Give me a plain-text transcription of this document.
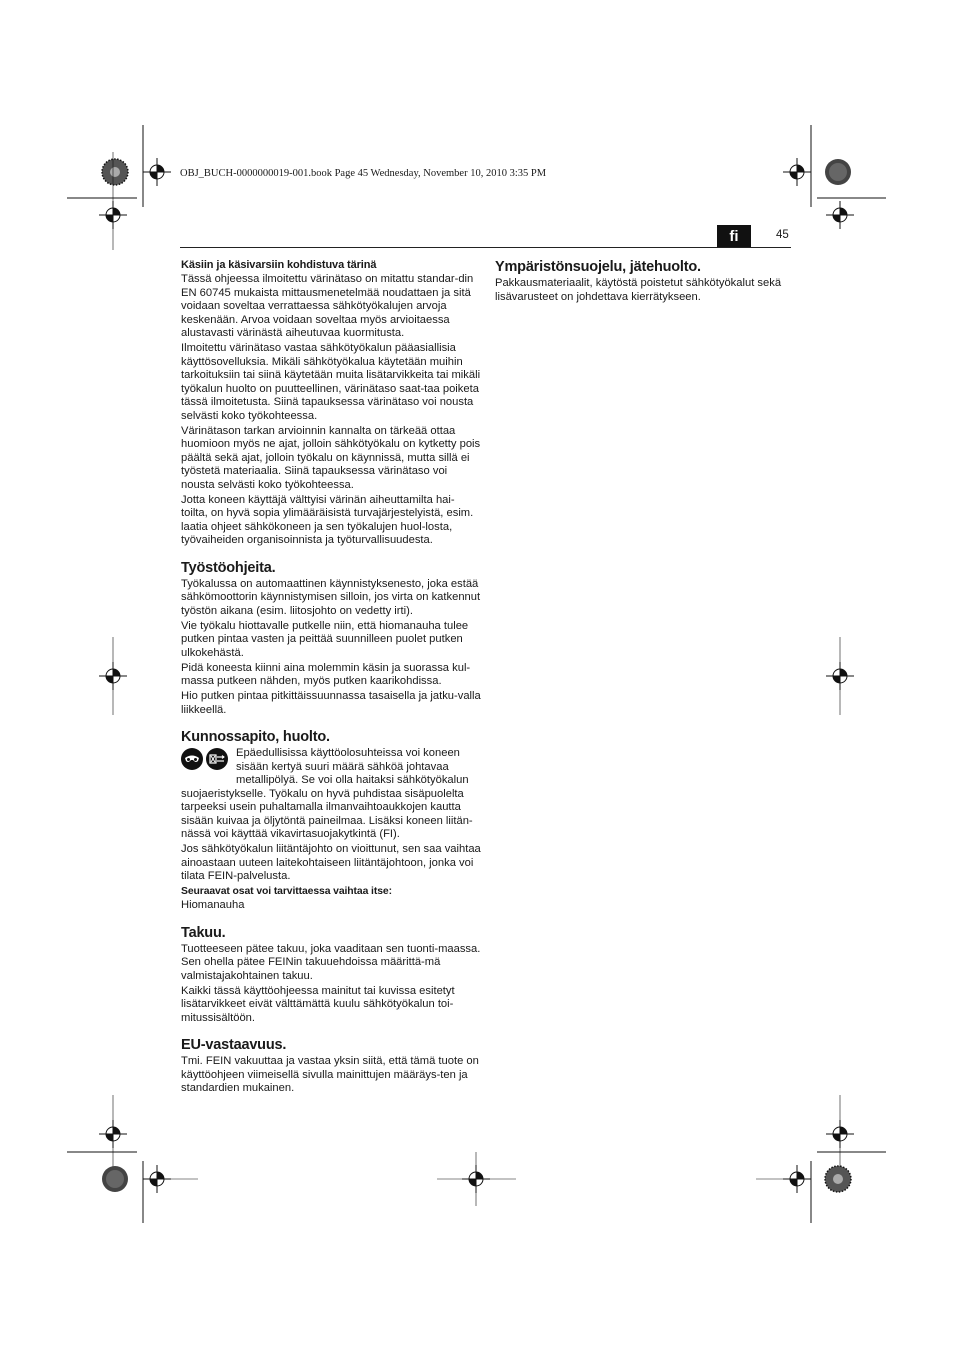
OBJ_BUCH-0000000019-001.book Page 45 Wednesday, November 10, 2010 3:35 PM
fi	45
Käsiin ja käsivarsiin kohdistuva tärinä

Tässä ohjeessa ilmoitettu värinätaso on mitattu standar-din EN 60745 mukaista mittausmenetelmää noudattaen ja sitä voidaan soveltaa verrattaessa sähkötyökalujen arvoja keskenään. Arvoa voidaan soveltaa myös arvioitaessa alustavasti värinästä aiheutuvaa kuormitusta.

Ilmoitettu värinätaso vastaa sähkötyökalun pääasiallisia käyttösovelluksia. Mikäli sähkötyökalua käytetään muihin tarkoituksiin tai siinä käytetään muita lisätarvikkeita tai mikäli työkalun huolto on puutteellinen, värinätaso saat-taa poiketa tässä ilmoitetusta. Siinä tapauksessa värinätaso voi nousta selvästi koko työkohteessa.

Värinätason tarkan arvioinnin kannalta on tärkeää ottaa huomioon myös ne ajat, jolloin sähkötyökalu on kytketty pois päältä sekä ajat, jolloin työkalu on käynnissä, mutta sillä ei työstetä materiaalia. Siinä tapauksessa värinätaso voi nousta selvästi koko työkohteessa.

Jotta koneen käyttäjä välttyisi värinän aiheuttamilta hai-toilta, on hyvä sopia ylimääräisistä turvajärjestelyistä, esim. laatia ohjeet sähkökoneen ja sen työkalujen huol-losta, työvaiheiden organisoinnista ja työturvallisuudesta.

Työstöohjeita.

Työkalussa on automaattinen käynnistyksenesto, joka estää sähkömoottorin käynnistymisen silloin, jos virta on katkennut työstön aikana (esim. liitosjohto on vedetty irti).

Vie työkalu hiottavalle putkelle niin, että hiomanauha tulee putken pintaa vasten ja peittää suunnilleen puolet putken ulkokehästä.

Pidä koneesta kiinni aina molemmin käsin ja suorassa kul-massa putkeen nähden, myös putken kaarikohdissa.

Hio putken pintaa pitkittäissuunnassa tasaisella ja jatku-valla liikkeellä.

Kunnossapito, huolto.
Epäedullisissa käyttöolosuhteissa voi koneen
sisään kertyä suuri määrä sähköä johtavaa
metallipölyä. Se voi olla haitaksi sähkötyökalun

suojaeristykselle. Työkalu on hyvä puhdistaa sisäpuolelta tarpeeksi usein puhaltamalla ilmanvaihtoaukkojen kautta sisään kuivaa ja öljytöntä paineilmaa. Lisäksi koneen liitän-nässä voi käyttää vikavirtasuojakytkintä (FI).

Jos sähkötyökalun liitäntäjohto on vioittunut, sen saa vaihtaa ainoastaan uuteen laitekohtaiseen liitäntäjohtoon, jonka voi tilata FEIN-palvelusta.

Seuraavat osat voi tarvittaessa vaihtaa itse:

Hiomanauha

Takuu.

Tuotteeseen pätee takuu, joka vaaditaan sen tuonti-maassa. Sen ohella pätee FEINin takuuehdoissa määrittä-mä valmistajakohtainen takuu.

Kaikki tässä käyttöohjeessa mainitut tai kuvissa esitetyt lisätarvikkeet eivät välttämättä kuulu sähkötyökalun toi-mitussisältöön.

EU-vastaavuus.

Tmi. FEIN vakuuttaa ja vastaa yksin siitä, että tämä tuote on käyttöohjeen viimeisellä sivulla mainittujen määräys-ten ja standardien mukainen.

Ympäristönsuojelu, jätehuolto.

Pakkausmateriaalit, käytöstä poistetut sähkötyökalut sekä lisävarusteet on johdettava kierrätykseen.
